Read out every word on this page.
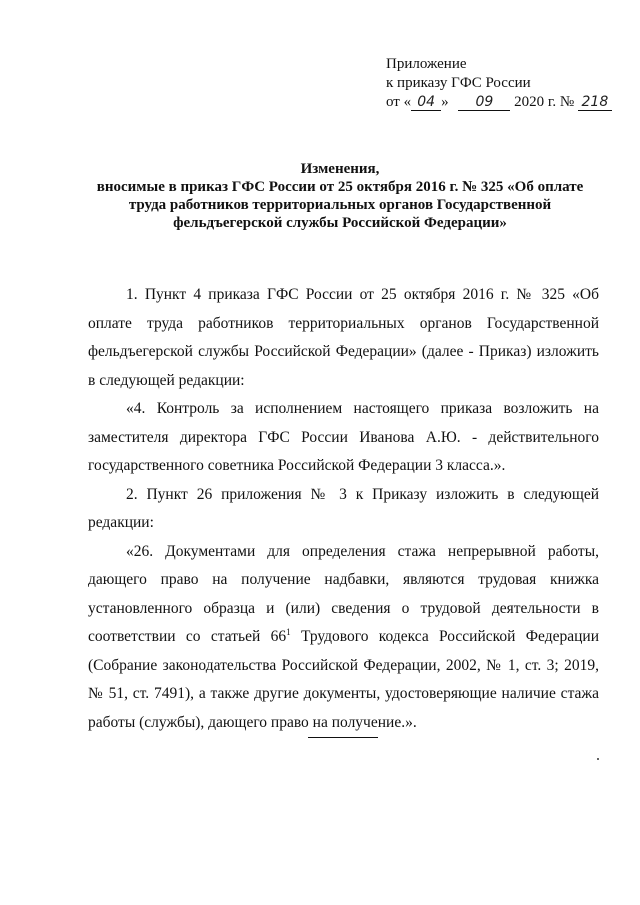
Приложение
к приказу ГФС России
от « 04 » 09 2020 г. № 218
Изменения,
вносимые в приказ ГФС России от 25 октября 2016 г. № 325 «Об оплате
труда работников территориальных органов Государственной
фельдъегерской службы Российской Федерации»

1. Пункт 4 приказа ГФС России от 25 октября 2016 г. № 325 «Об оплате труда работников территориальных органов Государственной фельдъегерской службы Российской Федерации» (далее - Приказ) изложить в следующей редакции:

«4. Контроль за исполнением настоящего приказа возложить на заместителя директора ГФС России Иванова А.Ю. - действительного государственного советника Российской Федерации 3 класса.».

2. Пункт 26 приложения № 3 к Приказу изложить в следующей редакции:

«26. Документами для определения стажа непрерывной работы, дающего право на получение надбавки, являются трудовая книжка установленного образца и (или) сведения о трудовой деятельности в соответствии со статьей $66^1$ Трудового кодекса Российской Федерации (Собрание законодательства Российской Федерации, 2002, № 1, ст. 3; 2019, № 51, ст. 7491), а также другие документы, удостоверяющие наличие стажа работы (службы), дающего право на получение.».
